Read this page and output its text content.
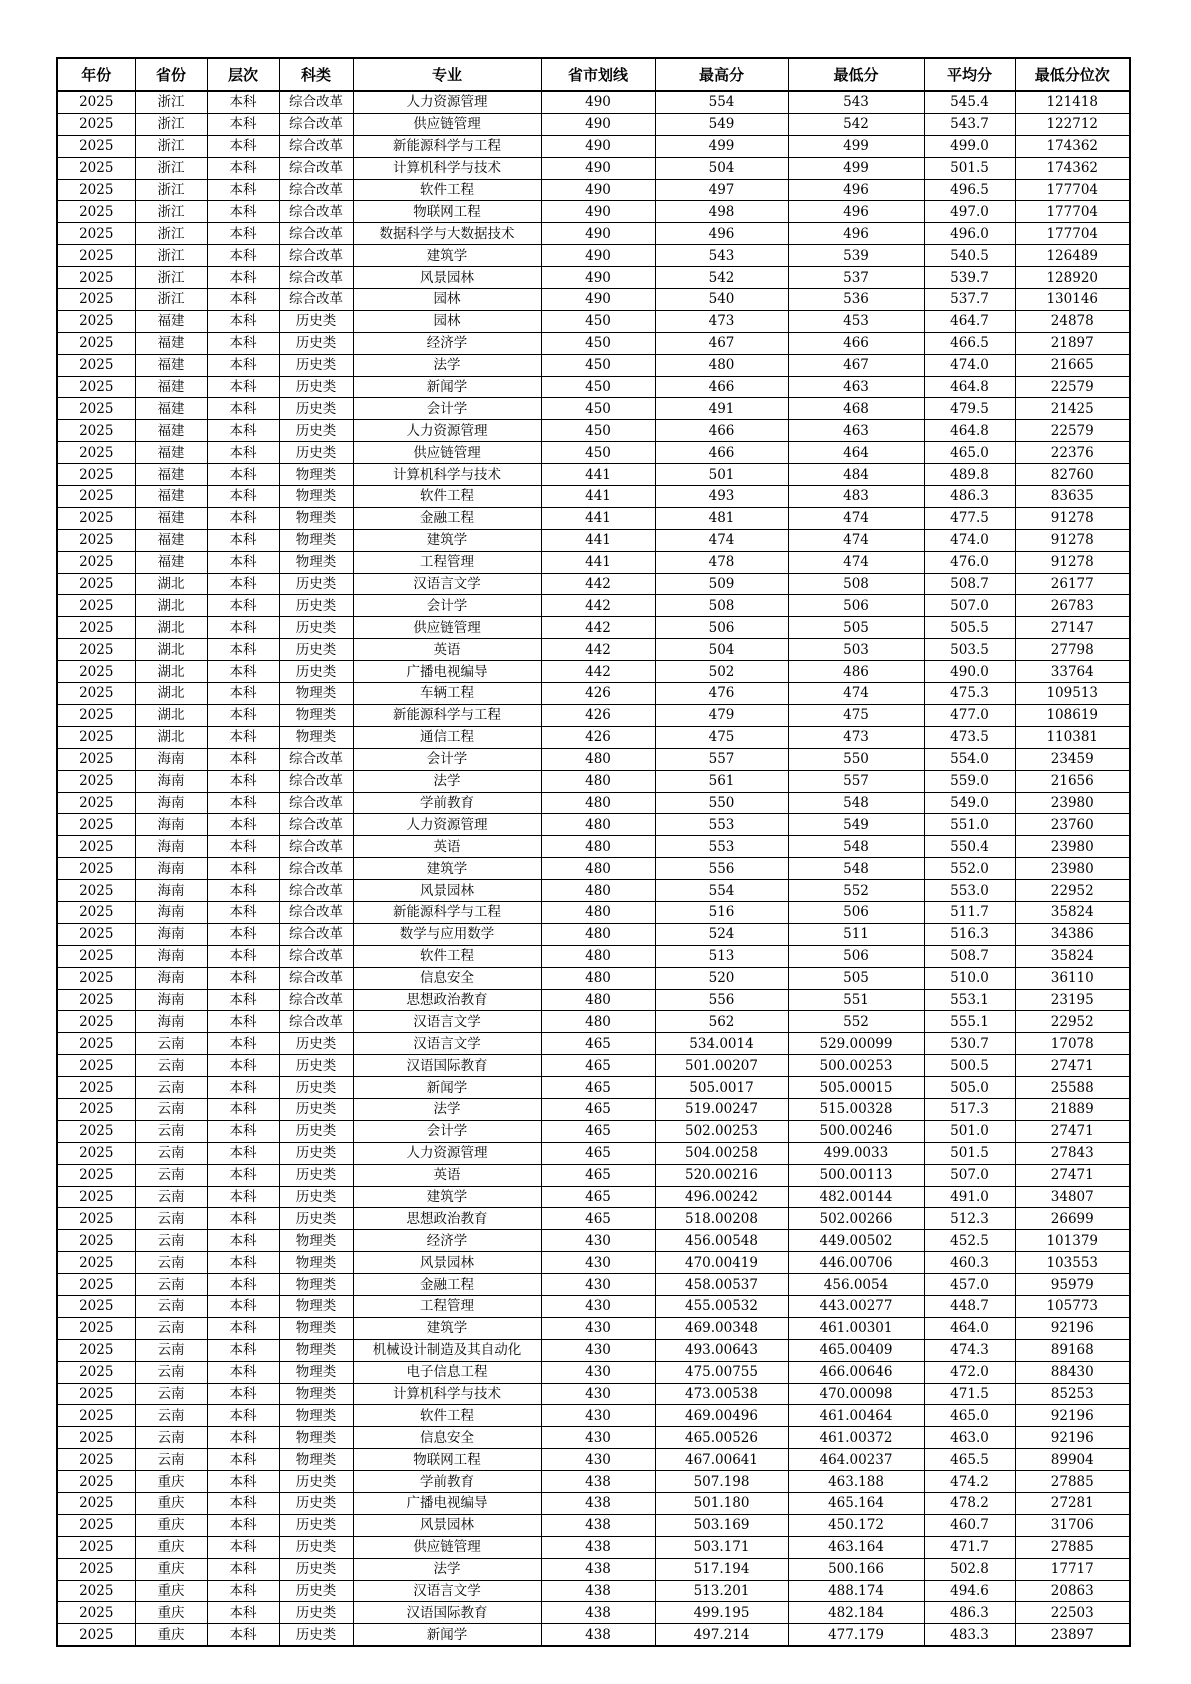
年份	省份	层次	科类	专业	省市划线	最高分	最低分	平均分	最低分位次
2025	浙江	本科	综合改革	人力资源管理	490	554	543	545.4	121418
2025	浙江	本科	综合改革	供应链管理	490	549	542	543.7	122712
2025	浙江	本科	综合改革	新能源科学与工程	490	499	499	499.0	174362
2025	浙江	本科	综合改革	计算机科学与技术	490	504	499	501.5	174362
2025	浙江	本科	综合改革	软件工程	490	497	496	496.5	177704
2025	浙江	本科	综合改革	物联网工程	490	498	496	497.0	177704
2025	浙江	本科	综合改革	数据科学与大数据技术	490	496	496	496.0	177704
2025	浙江	本科	综合改革	建筑学	490	543	539	540.5	126489
2025	浙江	本科	综合改革	风景园林	490	542	537	539.7	128920
2025	浙江	本科	综合改革	园林	490	540	536	537.7	130146
2025	福建	本科	历史类	园林	450	473	453	464.7	24878
2025	福建	本科	历史类	经济学	450	467	466	466.5	21897
2025	福建	本科	历史类	法学	450	480	467	474.0	21665
2025	福建	本科	历史类	新闻学	450	466	463	464.8	22579
2025	福建	本科	历史类	会计学	450	491	468	479.5	21425
2025	福建	本科	历史类	人力资源管理	450	466	463	464.8	22579
2025	福建	本科	历史类	供应链管理	450	466	464	465.0	22376
2025	福建	本科	物理类	计算机科学与技术	441	501	484	489.8	82760
2025	福建	本科	物理类	软件工程	441	493	483	486.3	83635
2025	福建	本科	物理类	金融工程	441	481	474	477.5	91278
2025	福建	本科	物理类	建筑学	441	474	474	474.0	91278
2025	福建	本科	物理类	工程管理	441	478	474	476.0	91278
2025	湖北	本科	历史类	汉语言文学	442	509	508	508.7	26177
2025	湖北	本科	历史类	会计学	442	508	506	507.0	26783
2025	湖北	本科	历史类	供应链管理	442	506	505	505.5	27147
2025	湖北	本科	历史类	英语	442	504	503	503.5	27798
2025	湖北	本科	历史类	广播电视编导	442	502	486	490.0	33764
2025	湖北	本科	物理类	车辆工程	426	476	474	475.3	109513
2025	湖北	本科	物理类	新能源科学与工程	426	479	475	477.0	108619
2025	湖北	本科	物理类	通信工程	426	475	473	473.5	110381
2025	海南	本科	综合改革	会计学	480	557	550	554.0	23459
2025	海南	本科	综合改革	法学	480	561	557	559.0	21656
2025	海南	本科	综合改革	学前教育	480	550	548	549.0	23980
2025	海南	本科	综合改革	人力资源管理	480	553	549	551.0	23760
2025	海南	本科	综合改革	英语	480	553	548	550.4	23980
2025	海南	本科	综合改革	建筑学	480	556	548	552.0	23980
2025	海南	本科	综合改革	风景园林	480	554	552	553.0	22952
2025	海南	本科	综合改革	新能源科学与工程	480	516	506	511.7	35824
2025	海南	本科	综合改革	数学与应用数学	480	524	511	516.3	34386
2025	海南	本科	综合改革	软件工程	480	513	506	508.7	35824
2025	海南	本科	综合改革	信息安全	480	520	505	510.0	36110
2025	海南	本科	综合改革	思想政治教育	480	556	551	553.1	23195
2025	海南	本科	综合改革	汉语言文学	480	562	552	555.1	22952
2025	云南	本科	历史类	汉语言文学	465	534.0014	529.00099	530.7	17078
2025	云南	本科	历史类	汉语国际教育	465	501.00207	500.00253	500.5	27471
2025	云南	本科	历史类	新闻学	465	505.0017	505.00015	505.0	25588
2025	云南	本科	历史类	法学	465	519.00247	515.00328	517.3	21889
2025	云南	本科	历史类	会计学	465	502.00253	500.00246	501.0	27471
2025	云南	本科	历史类	人力资源管理	465	504.00258	499.0033	501.5	27843
2025	云南	本科	历史类	英语	465	520.00216	500.00113	507.0	27471
2025	云南	本科	历史类	建筑学	465	496.00242	482.00144	491.0	34807
2025	云南	本科	历史类	思想政治教育	465	518.00208	502.00266	512.3	26699
2025	云南	本科	物理类	经济学	430	456.00548	449.00502	452.5	101379
2025	云南	本科	物理类	风景园林	430	470.00419	446.00706	460.3	103553
2025	云南	本科	物理类	金融工程	430	458.00537	456.0054	457.0	95979
2025	云南	本科	物理类	工程管理	430	455.00532	443.00277	448.7	105773
2025	云南	本科	物理类	建筑学	430	469.00348	461.00301	464.0	92196
2025	云南	本科	物理类	机械设计制造及其自动化	430	493.00643	465.00409	474.3	89168
2025	云南	本科	物理类	电子信息工程	430	475.00755	466.00646	472.0	88430
2025	云南	本科	物理类	计算机科学与技术	430	473.00538	470.00098	471.5	85253
2025	云南	本科	物理类	软件工程	430	469.00496	461.00464	465.0	92196
2025	云南	本科	物理类	信息安全	430	465.00526	461.00372	463.0	92196
2025	云南	本科	物理类	物联网工程	430	467.00641	464.00237	465.5	89904
2025	重庆	本科	历史类	学前教育	438	507.198	463.188	474.2	27885
2025	重庆	本科	历史类	广播电视编导	438	501.180	465.164	478.2	27281
2025	重庆	本科	历史类	风景园林	438	503.169	450.172	460.7	31706
2025	重庆	本科	历史类	供应链管理	438	503.171	463.164	471.7	27885
2025	重庆	本科	历史类	法学	438	517.194	500.166	502.8	17717
2025	重庆	本科	历史类	汉语言文学	438	513.201	488.174	494.6	20863
2025	重庆	本科	历史类	汉语国际教育	438	499.195	482.184	486.3	22503
2025	重庆	本科	历史类	新闻学	438	497.214	477.179	483.3	23897
